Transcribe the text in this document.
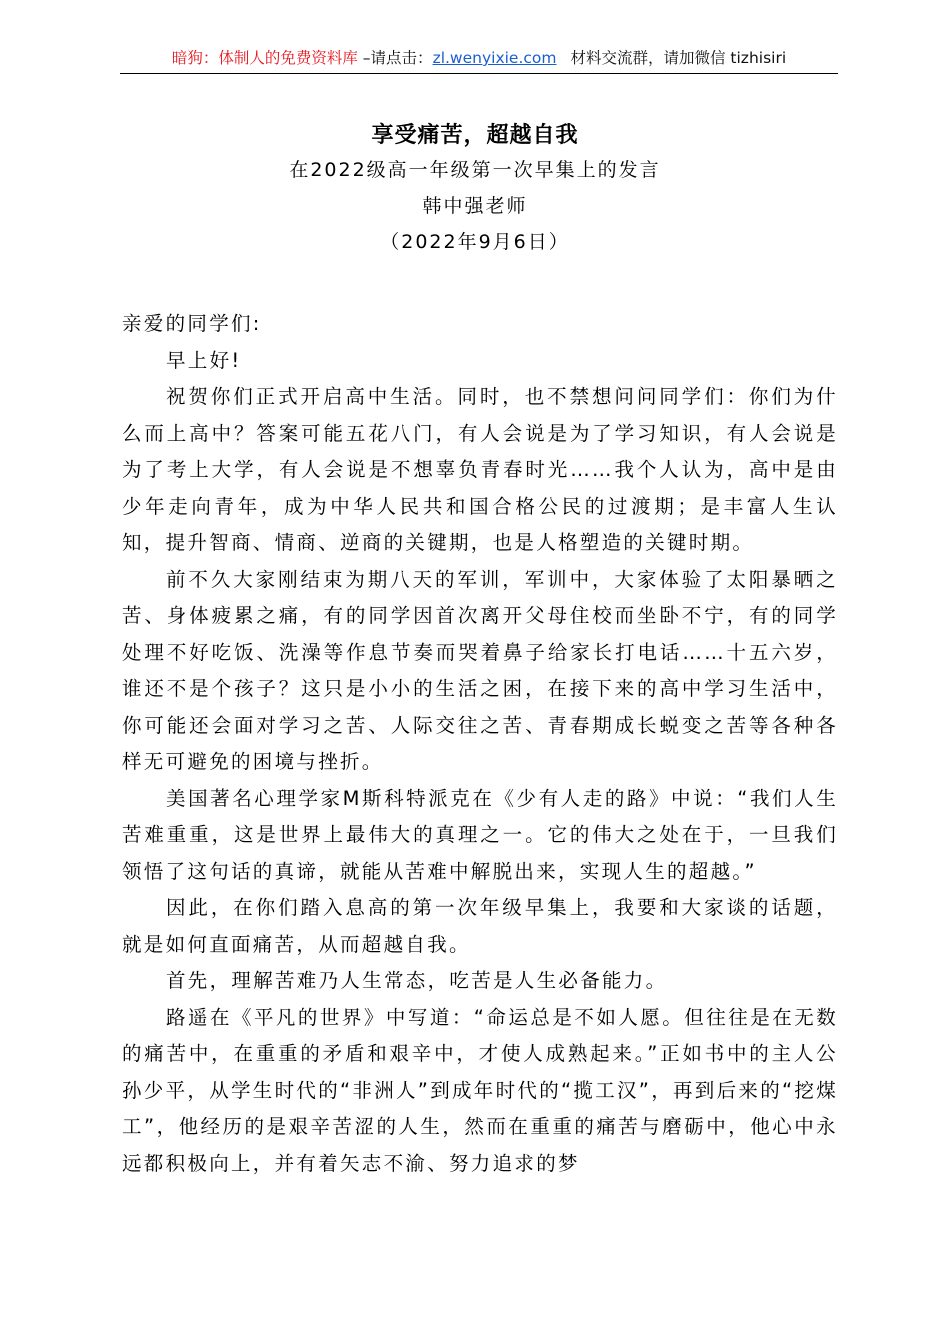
暗狗：体制人的免费资料库 –请点击：zl.wenyixie.com 材料交流群，请加微信 tizhisiri
享受痛苦，超越自我
在2022级高一年级第一次早集上的发言
韩中强老师
（2022年9月6日）

亲爱的同学们:

早上好!

祝贺你们正式开启高中生活。同时，也不禁想问问同学们：你们为什么而上高中？答案可能五花八门，有人会说是为了学习知识，有人会说是为了考上大学，有人会说是不想辜负青春时光……我个人认为，高中是由少年走向青年，成为中华人民共和国合格公民的过渡期；是丰富人生认知，提升智商、情商、逆商的关键期，也是人格塑造的关键时期。

前不久大家刚结束为期八天的军训，军训中，大家体验了太阳暴晒之苦、身体疲累之痛，有的同学因首次离开父母住校而坐卧不宁，有的同学处理不好吃饭、洗澡等作息节奏而哭着鼻子给家长打电话……十五六岁，谁还不是个孩子？这只是小小的生活之困，在接下来的高中学习生活中，你可能还会面对学习之苦、人际交往之苦、青春期成长蜕变之苦等各种各样无可避免的困境与挫折。

美国著名心理学家M斯科特派克在《少有人走的路》中说：“我们人生苦难重重，这是世界上最伟大的真理之一。它的伟大之处在于，一旦我们领悟了这句话的真谛，就能从苦难中解脱出来，实现人生的超越。”

因此，在你们踏入息高的第一次年级早集上，我要和大家谈的话题，就是如何直面痛苦，从而超越自我。

首先，理解苦难乃人生常态，吃苦是人生必备能力。

路遥在《平凡的世界》中写道：“命运总是不如人愿。但往往是在无数的痛苦中，在重重的矛盾和艰辛中，才使人成熟起来。”正如书中的主人公孙少平，从学生时代的“非洲人”到成年时代的“揽工汉”，再到后来的“挖煤工”，他经历的是艰辛苦涩的人生，然而在重重的痛苦与磨砺中，他心中永远都积极向上，并有着矢志不渝、努力追求的梦
